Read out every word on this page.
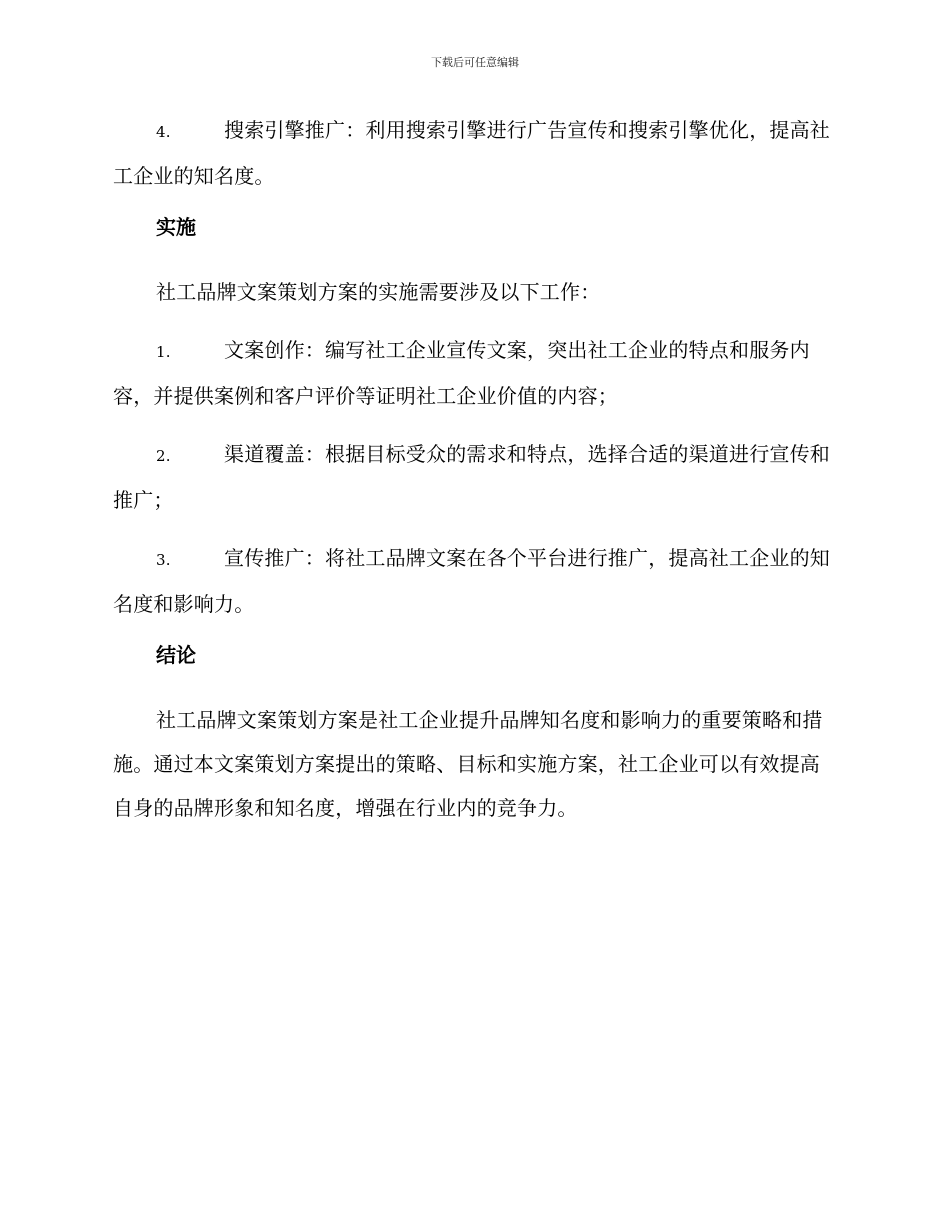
下载后可任意编辑
4.	搜索引擎推广：利用搜索引擎进行广告宣传和搜索引擎优化，提高社工企业的知名度。
实施
社工品牌文案策划方案的实施需要涉及以下工作：
1.	文案创作：编写社工企业宣传文案，突出社工企业的特点和服务内容，并提供案例和客户评价等证明社工企业价值的内容；
2.	渠道覆盖：根据目标受众的需求和特点，选择合适的渠道进行宣传和推广；
3.	宣传推广：将社工品牌文案在各个平台进行推广，提高社工企业的知名度和影响力。
结论
社工品牌文案策划方案是社工企业提升品牌知名度和影响力的重要策略和措施。通过本文案策划方案提出的策略、目标和实施方案，社工企业可以有效提高自身的品牌形象和知名度，增强在行业内的竞争力。
